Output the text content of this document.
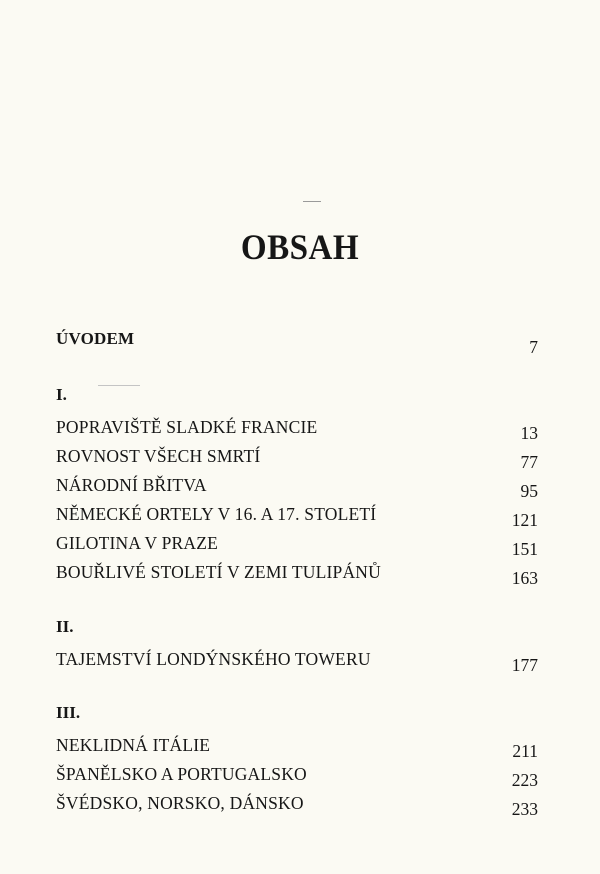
OBSAH
ÚVODEM	7
I.
POPRAVIŠTĚ SLADKÉ FRANCIE	13
ROVNOST VŠECH SMRTÍ	77
NÁRODNÍ BŘITVA	95
NĚMECKÉ ORTELY V 16. A 17. STOLETÍ	121
GILOTINA V PRAZE	151
BOUŘLIVÉ STOLETÍ V ZEMI TULIPÁNŮ	163
II.
TAJEMSTVÍ LONDÝNSKÉHO TOWERU	177
III.
NEKLIDNÁ ITÁLIE	211
ŠPANĚLSKO A PORTUGALSKO	223
ŠVÉDSKO, NORSKO, DÁNSKO	233
